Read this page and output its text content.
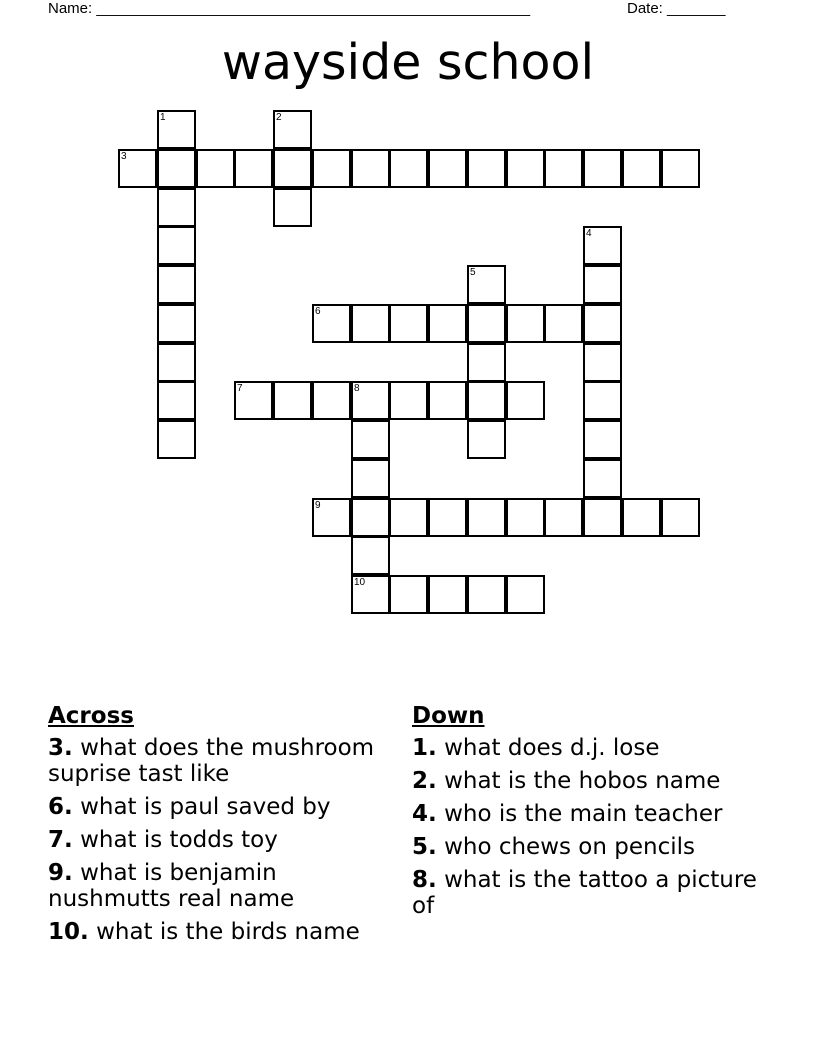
Name: ____________________________________________________	Date: _______
wayside school
1	2
3
4
5
6
7	8
10
9
Across
3. what does the mushroom suprise tast like
6. what is paul saved by
7. what is todds toy
9. what is benjamin nushmutts real name
10. what is the birds name
Down
1. what does d.j. lose
2. what is the hobos name
4. who is the main teacher
5. who chews on pencils
8. what is the tattoo a picture of
